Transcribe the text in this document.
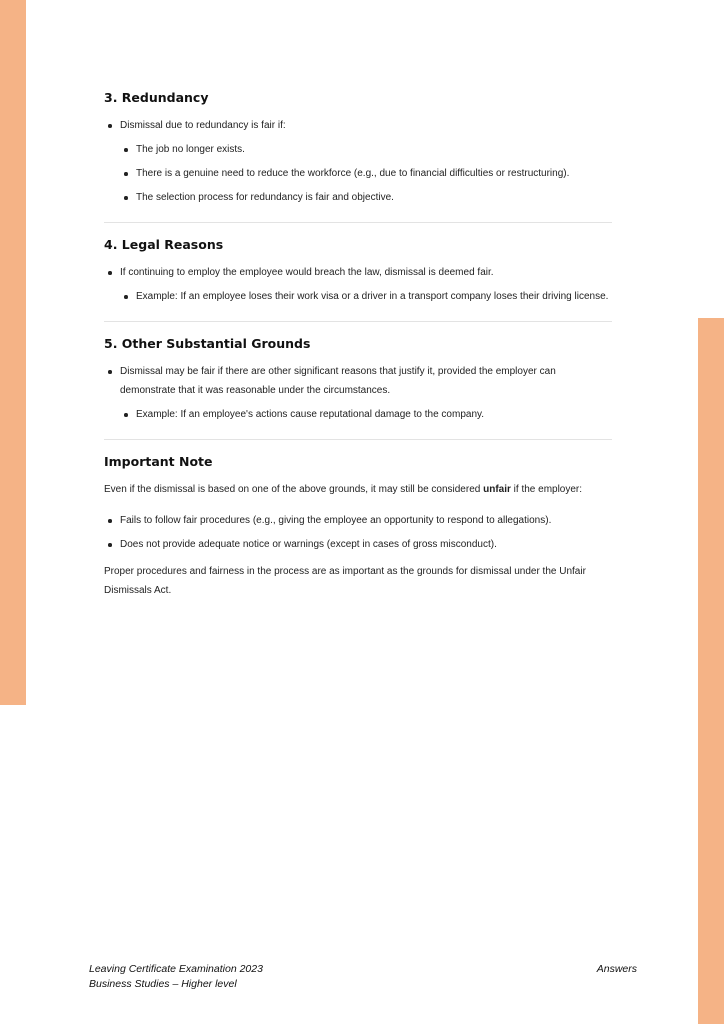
3. Redundancy
Dismissal due to redundancy is fair if:
The job no longer exists.
There is a genuine need to reduce the workforce (e.g., due to financial difficulties or restructuring).
The selection process for redundancy is fair and objective.
4. Legal Reasons
If continuing to employ the employee would breach the law, dismissal is deemed fair.
Example: If an employee loses their work visa or a driver in a transport company loses their driving license.
5. Other Substantial Grounds
Dismissal may be fair if there are other significant reasons that justify it, provided the employer can demonstrate that it was reasonable under the circumstances.
Example: If an employee's actions cause reputational damage to the company.
Important Note

Even if the dismissal is based on one of the above grounds, it may still be considered unfair if the employer:

Fails to follow fair procedures (e.g., giving the employee an opportunity to respond to allegations).
Does not provide adequate notice or warnings (except in cases of gross misconduct).

Proper procedures and fairness in the process are as important as the grounds for dismissal under the Unfair Dismissals Act.

Leaving Certificate Examination 2023
Business Studies – Higher level
Answers
